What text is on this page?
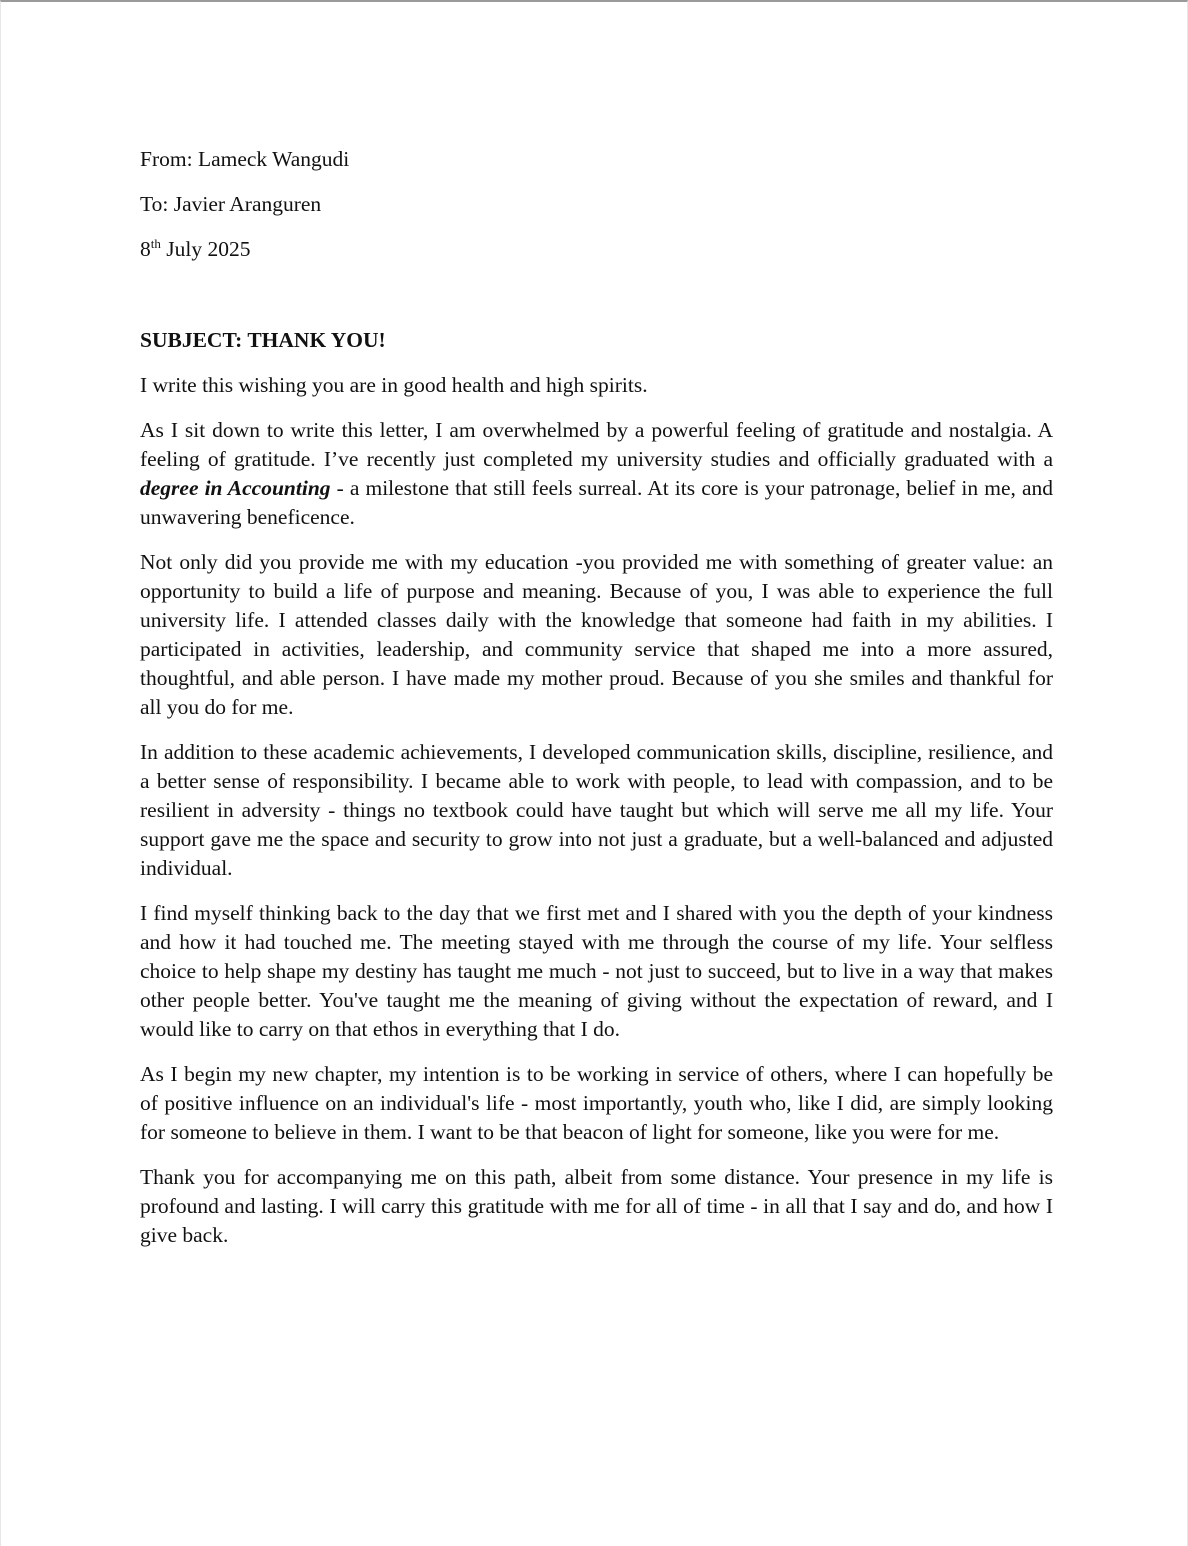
From: Lameck Wangudi

To: Javier Aranguren

8th July 2025

SUBJECT: THANK YOU!

I write this wishing you are in good health and high spirits.

As I sit down to write this letter, I am overwhelmed by a powerful feeling of gratitude and nostalgia. A feeling of gratitude. I’ve recently just completed my university studies and officially graduated with a degree in Accounting - a milestone that still feels surreal. At its core is your patronage, belief in me, and unwavering beneficence.

Not only did you provide me with my education -you provided me with something of greater value: an opportunity to build a life of purpose and meaning. Because of you, I was able to experience the full university life. I attended classes daily with the knowledge that someone had faith in my abilities. I participated in activities, leadership, and community service that shaped me into a more assured, thoughtful, and able person. I have made my mother proud. Because of you she smiles and thankful for all you do for me.

In addition to these academic achievements, I developed communication skills, discipline, resilience, and a better sense of responsibility. I became able to work with people, to lead with compassion, and to be resilient in adversity - things no textbook could have taught but which will serve me all my life. Your support gave me the space and security to grow into not just a graduate, but a well-balanced and adjusted individual.

I find myself thinking back to the day that we first met and I shared with you the depth of your kindness and how it had touched me. The meeting stayed with me through the course of my life. Your selfless choice to help shape my destiny has taught me much - not just to succeed, but to live in a way that makes other people better. You've taught me the meaning of giving without the expectation of reward, and I would like to carry on that ethos in everything that I do.

As I begin my new chapter, my intention is to be working in service of others, where I can hopefully be of positive influence on an individual's life - most importantly, youth who, like I did, are simply looking for someone to believe in them. I want to be that beacon of light for someone, like you were for me.

Thank you for accompanying me on this path, albeit from some distance. Your presence in my life is profound and lasting. I will carry this gratitude with me for all of time - in all that I say and do, and how I give back.
